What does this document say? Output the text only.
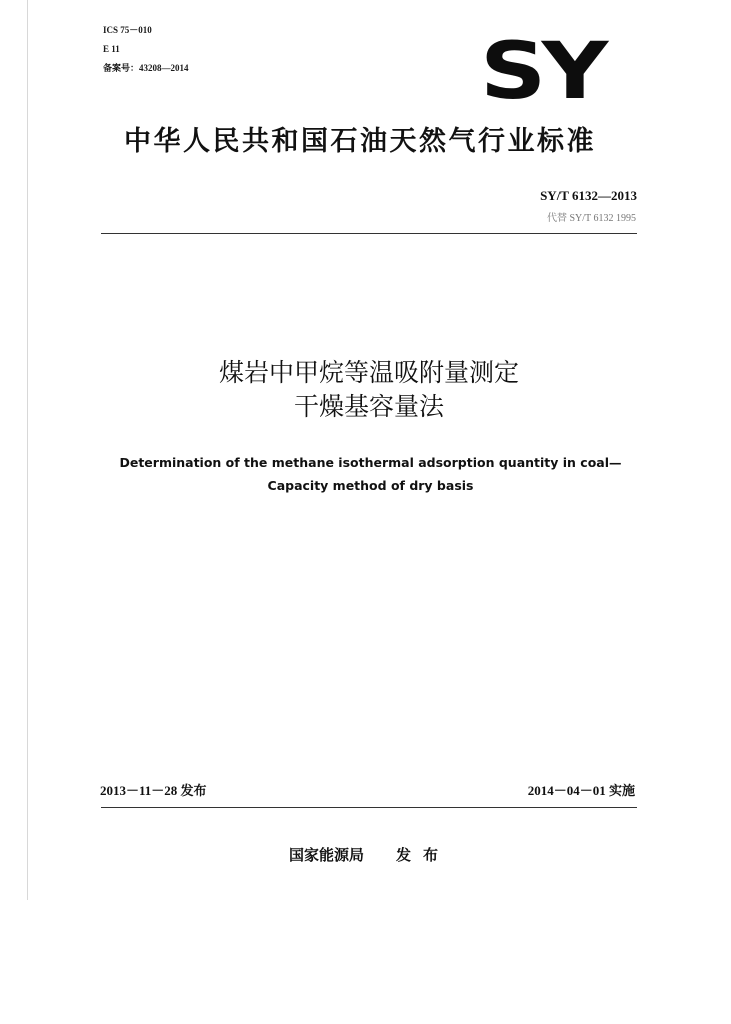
ICS 75－010
E 11
备案号：43208—2014	SY
中华人民共和国石油天然气行业标准
SY/T 6132—2013
代替 SY/T 6132 1995
煤岩中甲烷等温吸附量测定
干燥基容量法
Determination of the methane isothermal adsorption quantity in coal—
Capacity method of dry basis
2013－11－28 发布	2014－04－01 实施
国家能源局 发布
